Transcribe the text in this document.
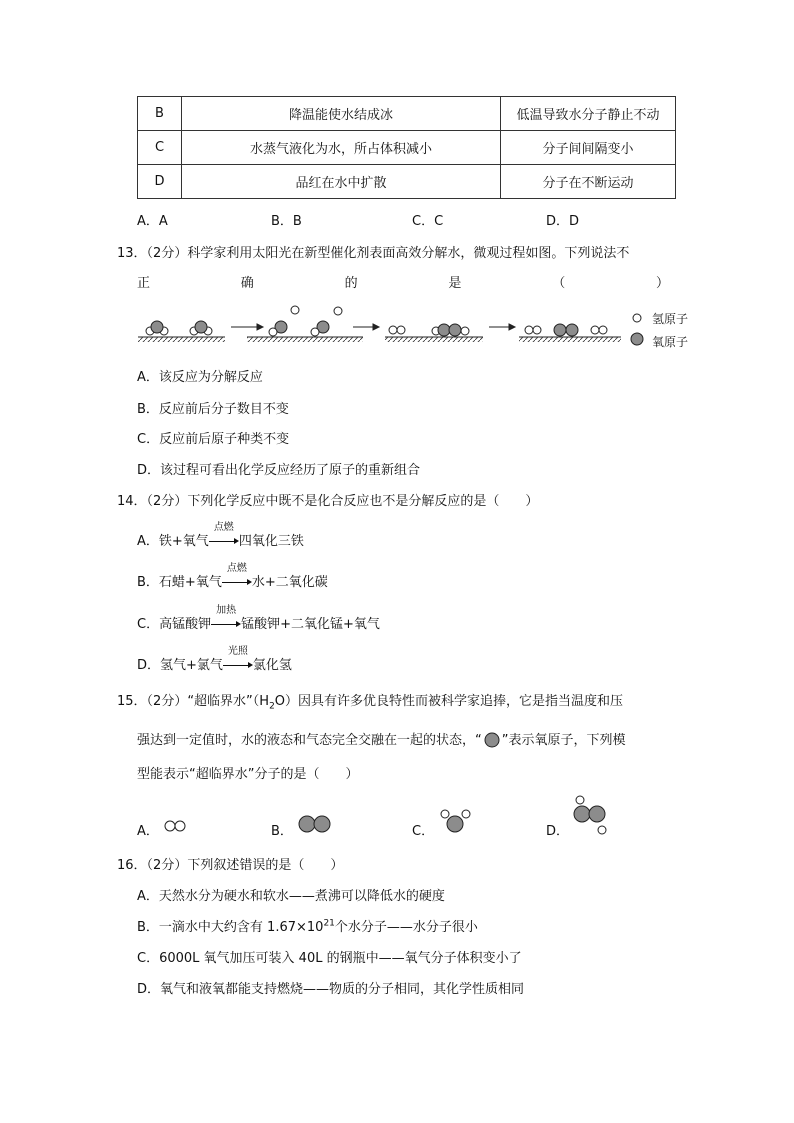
B	降温能使水结成冰	低温导致水分子静止不动
C	水蒸气液化为水，所占体积减小	分子间间隔变小
D	品红在水中扩散	分子在不断运动
A．A	B．B	C．C	D．D
13．（2分）科学家利用太阳光在新型催化剂表面高效分解水，微观过程如图。下列说法不
正	确	的	是	（	）
氢原子
氧原子
A．该反应为分解反应
B．反应前后分子数目不变
C．反应前后原子种类不变
D．该过程可看出化学反应经历了原子的重新组合
14．（2分）下列化学反应中既不是化合反应也不是分解反应的是（　　）
A．铁+氧气
点燃
四氧化三铁
B．石蜡+氧气
点燃
水+二氧化碳
C．高锰酸钾
加热
锰酸钾+二氧化锰+氧气
D．氢气+氯气
光照
氯化氢
15．（2分）“超临界水$”(H_2O)$因具有许多优良特性而被科学家追捧，它是指当温度和压
强达到一定值时，水的液态和气态完全交融在一起的状态，“ ”表示氧原子，下列模
型能表示“超临界水”分子的是（　　）
A．	B．	C．	D．
16．（2分）下列叙述错误的是（　　）
A．天然水分为硬水和软水——煮沸可以降低水的硬度
B．一滴水中大约含有 $1.67\times 10^{21}$个水分子——水分子很小
C．6000L 氧气加压可装入 40L 的钢瓶中——氧气分子体积变小了
D．氧气和液氧都能支持燃烧——物质的分子相同，其化学性质相同
